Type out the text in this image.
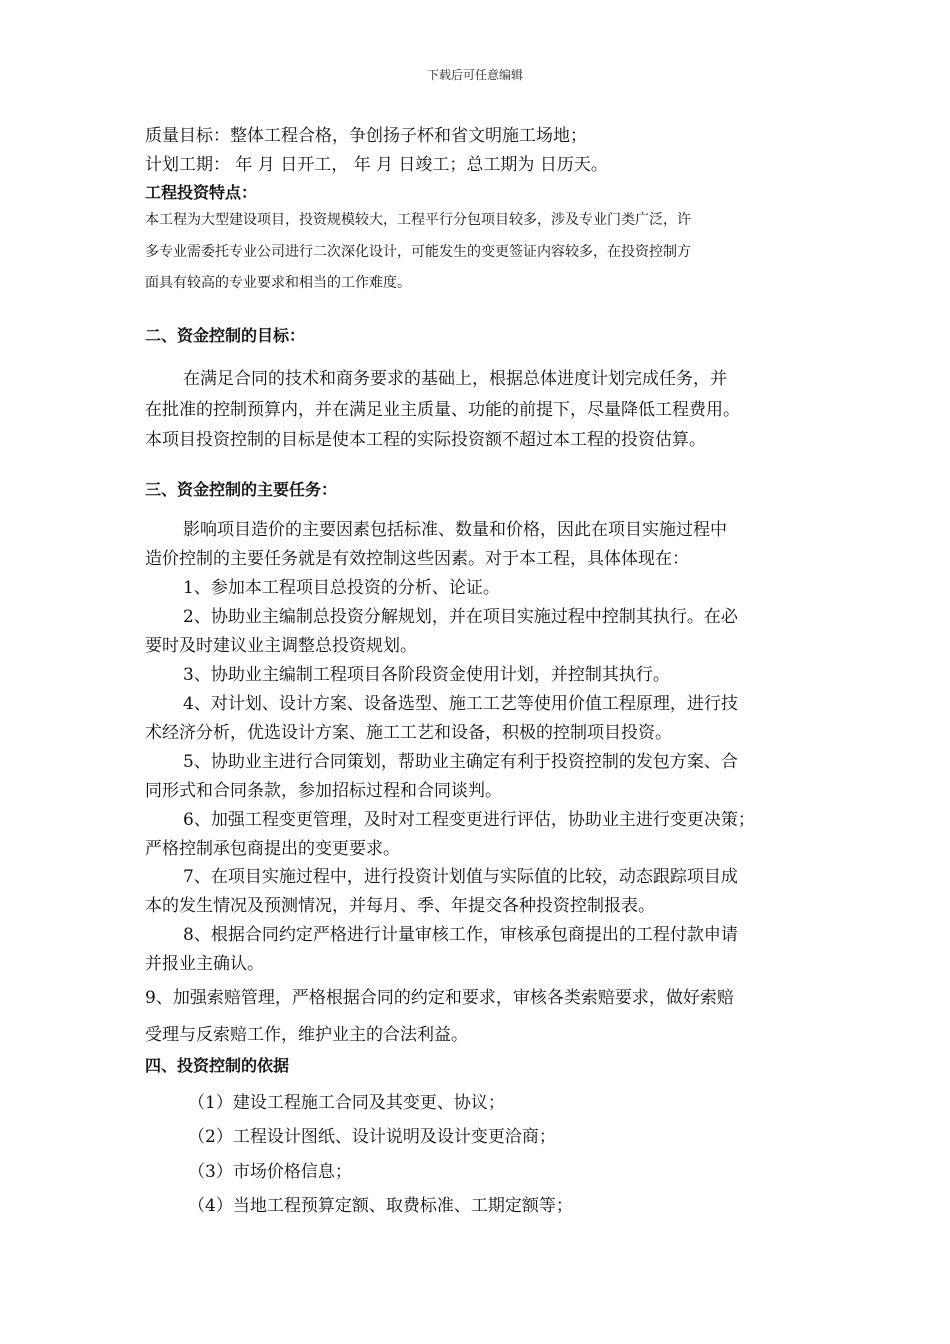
下载后可任意编辑

质量目标：整体工程合格，争创扬子杯和省文明施工场地；

计划工期： 年 月 日开工， 年 月 日竣工；总工期为 日历天。

工程投资特点：

本工程为大型建设项目，投资规模较大，工程平行分包项目较多，涉及专业门类广泛，许

多专业需委托专业公司进行二次深化设计，可能发生的变更签证内容较多，在投资控制方

面具有较高的专业要求和相当的工作难度。

二、资金控制的目标：

在满足合同的技术和商务要求的基础上，根据总体进度计划完成任务，并

在批准的控制预算内，并在满足业主质量、功能的前提下，尽量降低工程费用。

本项目投资控制的目标是使本工程的实际投资额不超过本工程的投资估算。

三、资金控制的主要任务：

影响项目造价的主要因素包括标准、数量和价格，因此在项目实施过程中

造价控制的主要任务就是有效控制这些因素。对于本工程，具体体现在：

1、参加本工程项目总投资的分析、论证。

2、协助业主编制总投资分解规划，并在项目实施过程中控制其执行。在必

要时及时建议业主调整总投资规划。

3、协助业主编制工程项目各阶段资金使用计划，并控制其执行。

4、对计划、设计方案、设备选型、施工工艺等使用价值工程原理，进行技

术经济分析，优选设计方案、施工工艺和设备，积极的控制项目投资。

5、协助业主进行合同策划，帮助业主确定有利于投资控制的发包方案、合

同形式和合同条款，参加招标过程和合同谈判。

6、加强工程变更管理，及时对工程变更进行评估，协助业主进行变更决策；

严格控制承包商提出的变更要求。

7、在项目实施过程中，进行投资计划值与实际值的比较，动态跟踪项目成

本的发生情况及预测情况，并每月、季、年提交各种投资控制报表。

8、根据合同约定严格进行计量审核工作，审核承包商提出的工程付款申请

并报业主确认。

9、加强索赔管理，严格根据合同的约定和要求，审核各类索赔要求，做好索赔

受理与反索赔工作，维护业主的合法利益。

四、投资控制的依据

（1）建设工程施工合同及其变更、协议；

（2）工程设计图纸、设计说明及设计变更洽商；

（3）市场价格信息；

（4）当地工程预算定额、取费标准、工期定额等；
